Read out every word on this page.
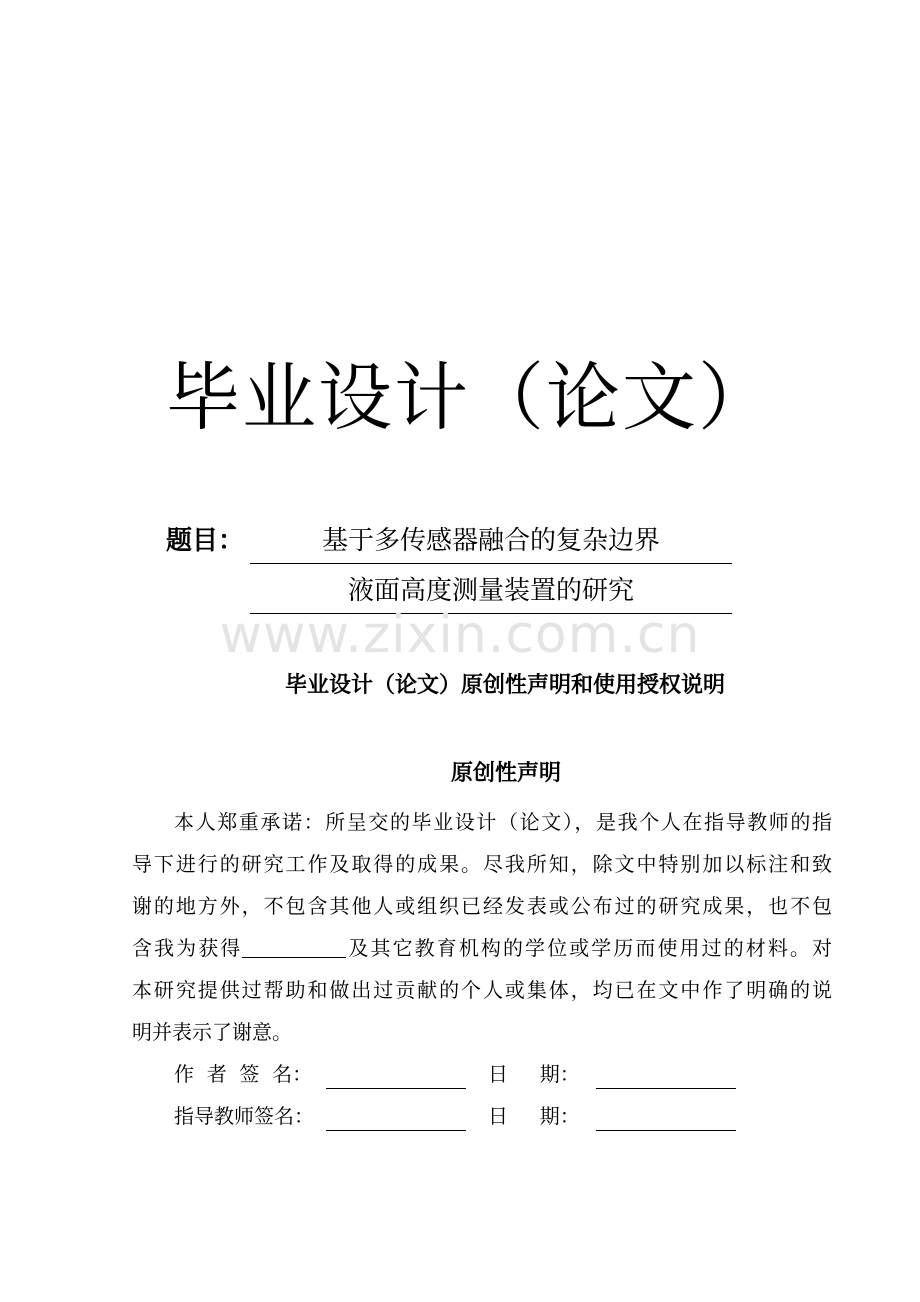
毕业设计（论文）
题目：	基于多传感器融合的复杂边界
液面高度测量装置的研究
www.zixin.com.cn
毕业设计（论文）原创性声明和使用授权说明
原创性声明
本人郑重承诺：所呈交的毕业设计（论文），是我个人在指导教师的指
导下进行的研究工作及取得的成果。尽我所知，除文中特别加以标注和致
谢的地方外，不包含其他人或组织已经发表或公布过的研究成果，也不包
含我为获得	及其它教育机构的学位或学历而使用过的材料。对
本研究提供过帮助和做出过贡献的个人或集体，均已在文中作了明确的说
明并表示了谢意。
作  者  签  名：	日     期：
指导教师签名：	日     期：
